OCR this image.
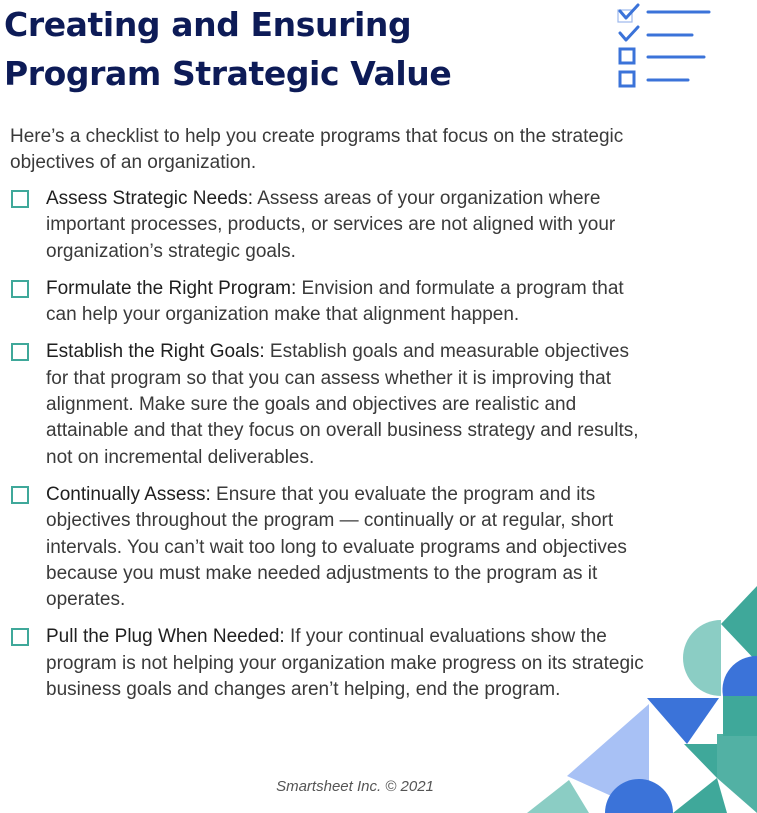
Creating and Ensuring
Program Strategic Value

Here’s a checklist to help you create programs that focus on the strategic objectives of an organization.

Assess Strategic Needs: Assess areas of your organization where important processes, products, or services are not aligned with your organization’s strategic goals.
Formulate the Right Program: Envision and formulate a program that can help your organization make that alignment happen.
Establish the Right Goals: Establish goals and measurable objectives for that program so that you can assess whether it is improving that alignment. Make sure the goals and objectives are realistic and attainable and that they focus on overall business strategy and results, not on incremental deliverables.
Continually Assess: Ensure that you evaluate the program and its objectives throughout the program — continually or at regular, short intervals. You can’t wait too long to evaluate programs and objectives because you must make needed adjustments to the program as it operates.
Pull the Plug When Needed: If your continual evaluations show the program is not helping your organization make progress on its strategic business goals and changes aren’t helping, end the program.
Smartsheet Inc. © 2021
